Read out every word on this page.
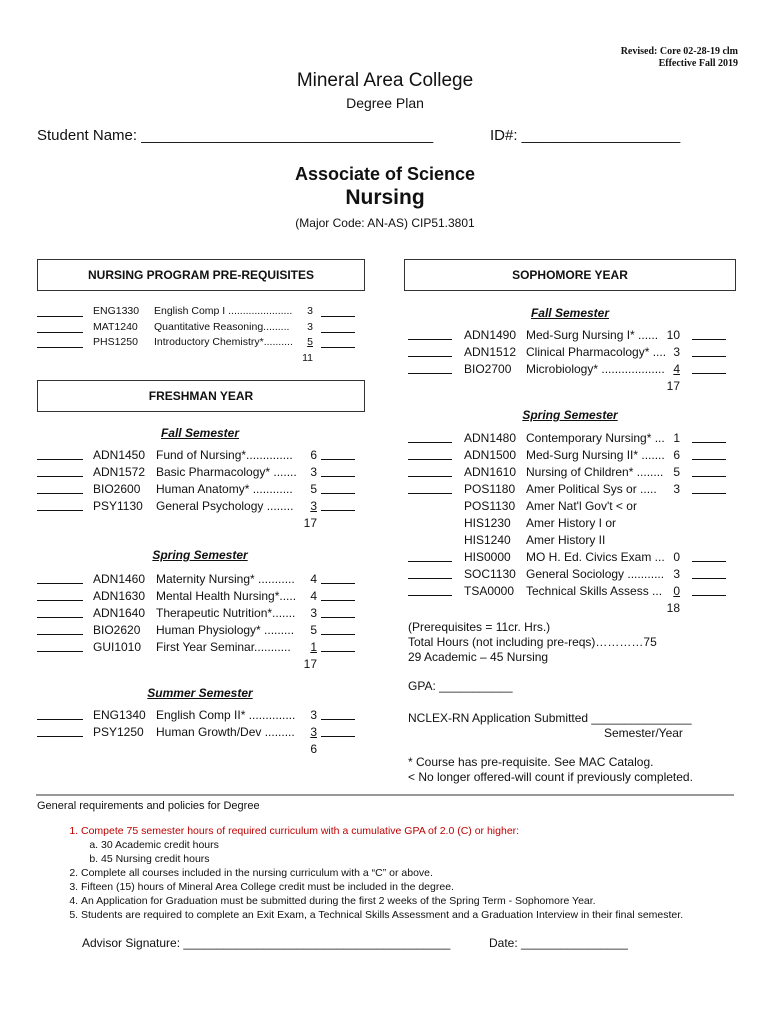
Revised: Core 02-28-19 clm
Effective Fall 2019
Mineral Area College
Degree Plan
Student Name: ___________________________________	ID#: ___________________
Associate of Science
Nursing
(Major Code: AN-AS) CIP51.3801
NURSING PROGRAM PRE-REQUISITES
FRESHMAN YEAR
SOPHOMORE YEAR
ENG1330 English Comp I ......................	3
MAT1240 Quantitative Reasoning.........	3
PHS1250 Introductory Chemistry*..........	5
11
ADN1450 Fund of Nursing*..............	6
ADN1572 Basic Pharmacology* .......	3
BIO2600 Human Anatomy* ............	5
PSY1130 General Psychology ........	3
17
ADN1460 Maternity Nursing* ...........	4
ADN1630 Mental Health Nursing*.....	4
ADN1640 Therapeutic Nutrition*.......	3
BIO2620 Human Physiology* .........	5
GUI1010 First Year Seminar...........	1
17
ENG1340 English Comp II* ..............	3
PSY1250 Human Growth/Dev .........	3
6
ADN1490 Med-Surg Nursing I* ...... 10
ADN1512 Clinical Pharmacology* .... 3
BIO2700 Microbiology* ................... 4
17
ADN1480 Contemporary Nursing* ... 1
ADN1500 Med-Surg Nursing II* ....... 6
ADN1610 Nursing of Children* ........ 5
POS1180 Amer Political Sys or .....	3
POS1130 Amer Nat'l Gov't < or
HIS1230 Amer History I or
HIS1240 Amer History II
HIS0000 MO H. Ed. Civics Exam ... 0
SOC1130 General Sociology ........... 3
TSA0000 Technical Skills Assess ... 0
18
Fall Semester
Spring Semester
Summer Semester
Fall Semester
Spring Semester
(Prerequisites = 11cr. Hrs.)
Total Hours (not including pre-reqs)…………75
29 Academic – 45 Nursing
GPA: ___________
NCLEX-RN Application Submitted _______________
Semester/Year
* Course has pre-requisite. See MAC Catalog.
< No longer offered-will count if previously completed.
General requirements and policies for Degree
1. Compete 75 semester hours of required curriculum with a cumulative GPA of 2.0 (C) or higher:
a. 30 Academic credit hours
b. 45 Nursing credit hours
2. Complete all courses included in the nursing curriculum with a “C” or above.
3. Fifteen (15) hours of Mineral Area College credit must be included in the degree.
4. An Application for Graduation must be submitted during the first 2 weeks of the Spring Term - Sophomore Year.
5. Students are required to complete an Exit Exam, a Technical Skills Assessment and a Graduation Interview in their final semester.
Advisor Signature: ________________________________________	Date: ________________
